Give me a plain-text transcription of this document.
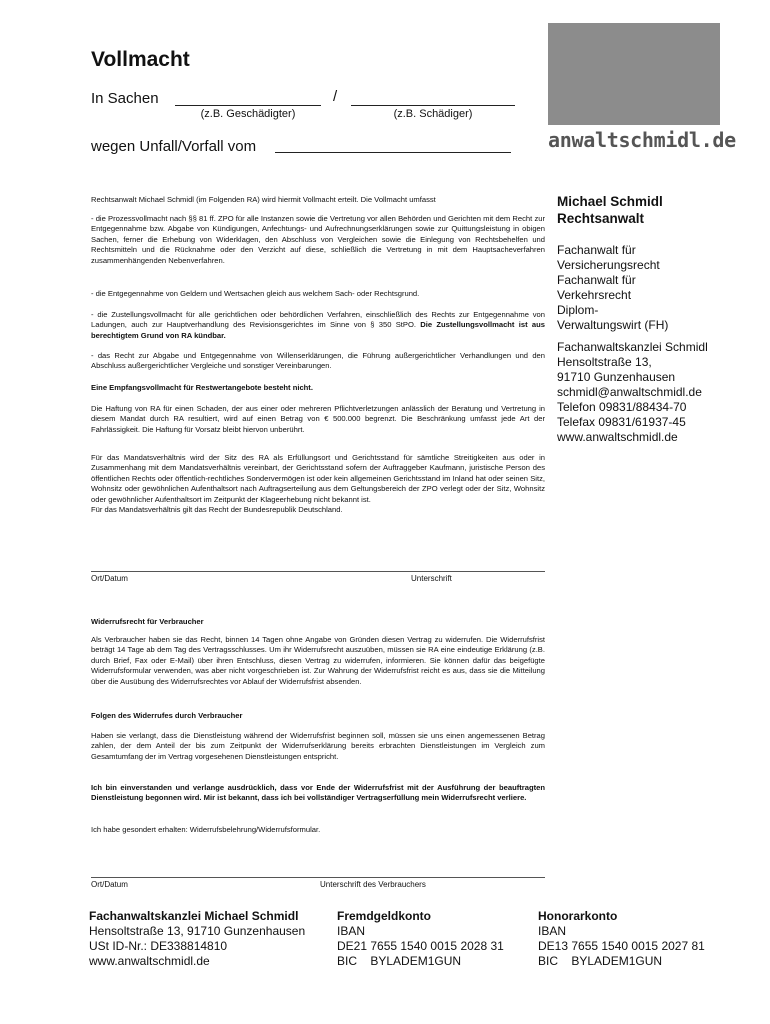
Vollmacht
In Sachen	/
(z.B. Geschädigter)	(z.B. Schädiger)
wegen Unfall/Vorfall vom	anwaltschmidl.de
Michael Schmidl
Rechtsanwalt
Fachanwalt für
Versicherungsrecht
Fachanwalt für
Verkehrsrecht
Diplom-
Verwaltungswirt (FH)
Fachanwaltskanzlei Schmidl
Hensoltstraße 13,
91710 Gunzenhausen
schmidl@anwaltschmidl.de
Telefon 09831/88434-70
Telefax 09831/61937-45
www.anwaltschmidl.de

Rechtsanwalt Michael Schmidl (im Folgenden RA) wird hiermit Vollmacht erteilt. Die Vollmacht umfasst

- die Prozessvollmacht nach §§ 81 ff. ZPO für alle Instanzen sowie die Vertretung vor allen Behörden und Gerichten mit dem Recht zur Entgegennahme bzw. Abgabe von Kündigungen, Anfechtungs- und Aufrechnungserklärungen sowie zur Quittungsleistung in obigen Sachen, ferner die Erhebung von Widerklagen, den Abschluss von Vergleichen sowie die Einlegung von Rechtsbehelfen und Rechtsmitteln und die Rücknahme oder den Verzicht auf diese, schließlich die Vertretung in mit dem Hauptsacheverfahren zusammenhängenden Nebenverfahren.

- die Entgegennahme von Geldern und Wertsachen gleich aus welchem Sach- oder Rechtsgrund.

- die Zustellungsvollmacht für alle gerichtlichen oder behördlichen Verfahren, einschließlich des Rechts zur Entgegennahme von Ladungen, auch zur Hauptverhandlung des Revisionsgerichtes im Sinne von § 350 StPO. Die Zustellungsvollmacht ist aus berechtigtem Grund von RA kündbar.

- das Recht zur Abgabe und Entgegennahme von Willenserklärungen, die Führung außergerichtlicher Verhandlungen und den Abschluss außergerichtlicher Vergleiche und sonstiger Vereinbarungen.

Eine Empfangsvollmacht für Restwertangebote besteht nicht.

Die Haftung von RA für einen Schaden, der aus einer oder mehreren Pflichtverletzungen anlässlich der Beratung und Vertretung in diesem Mandat durch RA resultiert, wird auf einen Betrag von € 500.000 begrenzt. Die Beschränkung umfasst jede Art der Fahrlässigkeit. Die Haftung für Vorsatz bleibt hiervon unberührt.

Für das Mandatsverhältnis wird der Sitz des RA als Erfüllungsort und Gerichtsstand für sämtliche Streitigkeiten aus oder in Zusammenhang mit dem Mandatsverhältnis vereinbart, der Gerichtsstand sofern der Auftraggeber Kaufmann, juristische Person des öffentlichen Rechts oder öffentlich-rechtliches Sondervermögen ist oder kein allgemeinen Gerichtsstand im Inland hat oder seinen Sitz, Wohnsitz oder gewöhnlichen Aufenthaltsort nach Auftragserteilung aus dem Geltungsbereich der ZPO verlegt oder der Sitz, Wohnsitz oder gewöhnlicher Aufenthaltsort im Zeitpunkt der Klageerhebung nicht bekannt ist.

Für das Mandatsverhältnis gilt das Recht der Bundesrepublik Deutschland.

Ort/Datum	Unterschrift

Widerrufsrecht für Verbraucher

Als Verbraucher haben sie das Recht, binnen 14 Tagen ohne Angabe von Gründen diesen Vertrag zu widerrufen. Die Widerrufsfrist beträgt 14 Tage ab dem Tag des Vertragsschlusses. Um ihr Widerrufsrecht auszuüben, müssen sie RA eine eindeutige Erklärung (z.B. durch Brief, Fax oder E-Mail) über ihren Entschluss, diesen Vertrag zu widerrufen, informieren. Sie können dafür das beigefügte Widerrufsformular verwenden, was aber nicht vorgeschrieben ist. Zur Wahrung der Widerrufsfrist reicht es aus, dass sie die Mitteilung über die Ausübung des Widerrufsrechtes vor Ablauf der Widerrufsfrist absenden.

Folgen des Widerrufes durch Verbraucher

Haben sie verlangt, dass die Dienstleistung während der Widerrufsfrist beginnen soll, müssen sie uns einen angemessenen Betrag zahlen, der dem Anteil der bis zum Zeitpunkt der Widerrufserklärung bereits erbrachten Dienstleistungen im Vergleich zum Gesamtumfang der im Vertrag vorgesehenen Dienstleistungen entspricht.

Ich bin einverstanden und verlange ausdrücklich, dass vor Ende der Widerrufsfrist mit der Ausführung der beauftragten Dienstleistung begonnen wird. Mir ist bekannt, dass ich bei vollständiger Vertragserfüllung mein Widerrufsrecht verliere.

Ich habe gesondert erhalten: Widerrufsbelehrung/Widerrufsformular.

Ort/Datum	Unterschrift des Verbrauchers
Fachanwaltskanzlei Michael Schmidl
Hensoltstraße 13, 91710 Gunzenhausen
USt ID-Nr.: DE338814810
www.anwaltschmidl.de
Fremdgeldkonto
IBAN
DE21 7655 1540 0015 2028 31
BIC    BYLADEM1GUN
Honorarkonto
IBAN
DE13 7655 1540 0015 2027 81
BIC    BYLADEM1GUN
